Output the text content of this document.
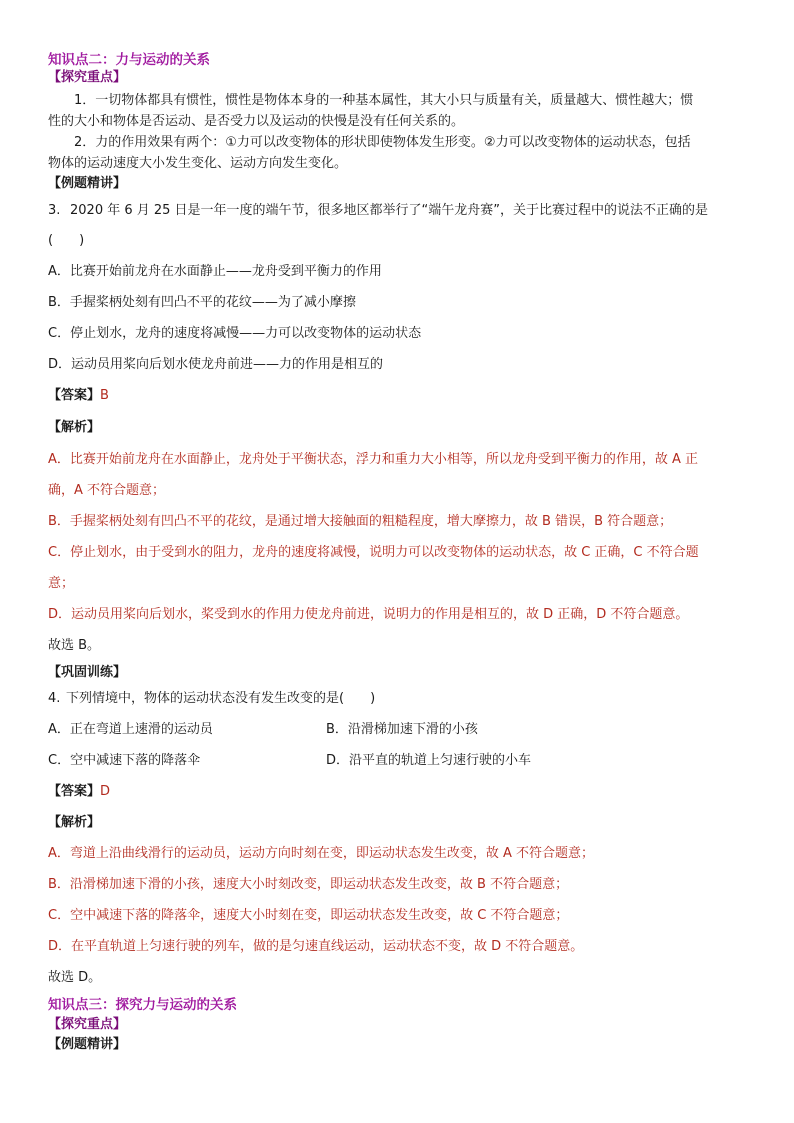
知识点二：力与运动的关系
【探究重点】
1．一切物体都具有惯性，惯性是物体本身的一种基本属性，其大小只与质量有关，质量越大、惯性越大；惯
性的大小和物体是否运动、是否受力以及运动的快慢是没有任何关系的。
2．力的作用效果有两个：①力可以改变物体的形状即使物体发生形变。②力可以改变物体的运动状态，包括
物体的运动速度大小发生变化、运动方向发生变化。
【例题精讲】
3. 2020 年 6 月 25 日是一年一度的端午节，很多地区都举行了“端午龙舟赛”，关于比赛过程中的说法不正确的是
(　　)
A．比赛开始前龙舟在水面静止——龙舟受到平衡力的作用
B．手握桨柄处刻有凹凸不平的花纹——为了减小摩擦
C．停止划水，龙舟的速度将减慢——力可以改变物体的运动状态
D．运动员用桨向后划水使龙舟前进——力的作用是相互的
【答案】B
【解析】
A．比赛开始前龙舟在水面静止，龙舟处于平衡状态，浮力和重力大小相等，所以龙舟受到平衡力的作用，故 A 正
确，A 不符合题意；
B．手握桨柄处刻有凹凸不平的花纹，是通过增大接触面的粗糙程度，增大摩擦力，故 B 错误，B 符合题意；
C．停止划水，由于受到水的阻力，龙舟的速度将减慢，说明力可以改变物体的运动状态，故 C 正确，C 不符合题
意；
D．运动员用桨向后划水，桨受到水的作用力使龙舟前进，说明力的作用是相互的，故 D 正确，D 不符合题意。
故选 B。
【巩固训练】
4. 下列情境中，物体的运动状态没有发生改变的是(　　)
A．正在弯道上速滑的运动员	B．沿滑梯加速下滑的小孩
C．空中减速下落的降落伞	D．沿平直的轨道上匀速行驶的小车
【答案】D
【解析】
A．弯道上沿曲线滑行的运动员，运动方向时刻在变，即运动状态发生改变，故 A 不符合题意；
B．沿滑梯加速下滑的小孩，速度大小时刻改变，即运动状态发生改变，故 B 不符合题意；
C．空中减速下落的降落伞，速度大小时刻在变，即运动状态发生改变，故 C 不符合题意；
D．在平直轨道上匀速行驶的列车，做的是匀速直线运动，运动状态不变，故 D 不符合题意。
故选 D。
知识点三：探究力与运动的关系
【探究重点】
【例题精讲】
